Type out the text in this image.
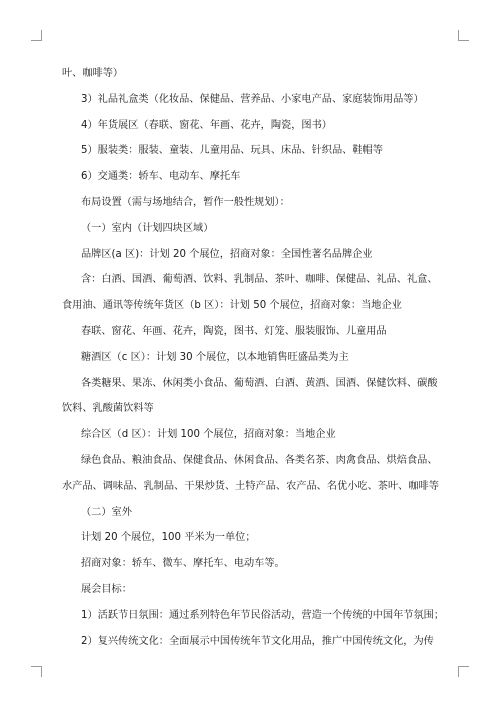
叶、咖啡等）

3）礼品礼盒类（化妆品、保健品、营养品、小家电产品、家庭装饰用品等）

4）年货展区（春联、窗花、年画、花卉，陶瓷，图书）

5）服装类：服装、童装、儿童用品、玩具、床品、针织品、鞋帽等

6）交通类：轿车、电动车、摩托车

布局设置（需与场地结合，暂作一般性规划）：

（一）室内（计划四块区域）

品牌区(a 区)：计划 20 个展位，招商对象：全国性著名品牌企业

含：白酒、国酒、葡萄酒、饮料、乳制品、茶叶、咖啡、保健品、礼品、礼盒、
食用油、通讯等传统年货区（b 区）：计划 50 个展位，招商对象：当地企业

春联、窗花、年画、花卉，陶瓷，图书、灯笼、服装服饰、儿童用品

糖酒区（c 区）：计划 30 个展位，以本地销售旺盛品类为主

各类糖果、果冻、休闲类小食品、葡萄酒、白酒、黄酒、国酒、保健饮料、碳酸
饮料、乳酸菌饮料等

综合区（d 区）：计划 100 个展位，招商对象：当地企业

绿色食品、粮油食品、保健食品、休闲食品、各类名茶、肉禽食品、烘焙食品、
水产品、调味品、乳制品、干果炒货、土特产品、农产品、名优小吃、茶叶、咖啡等

（二）室外

计划 20 个展位，100 平米为一单位；

招商对象：轿车、微车、摩托车、电动车等。

展会目标：

1）活跃节日氛围：通过系列特色年节民俗活动，营造一个传统的中国年节氛围；

2）复兴传统文化：全面展示中国传统年节文化用品，推广中国传统文化，为传
